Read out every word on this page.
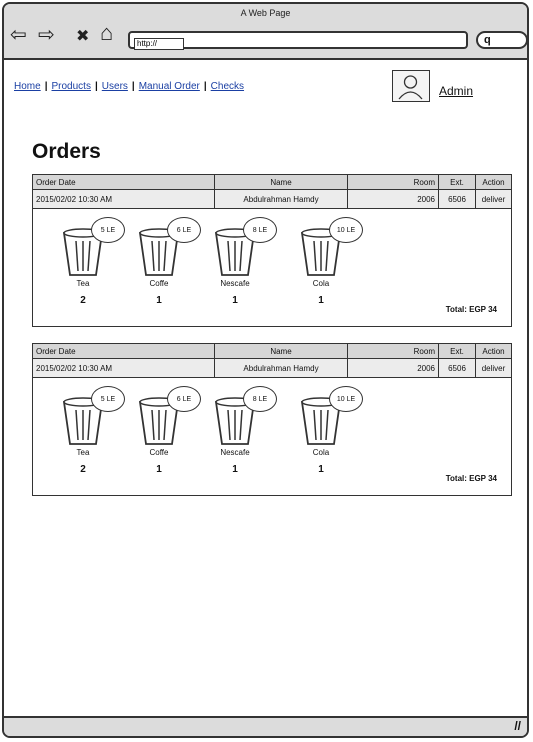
A Web Page
⇦ ⇨ ✖ ⌂
http://	q
Home | Products | Users | Manual Order | Checks	Admin
Orders
Order Date	Name	Room	Ext.	Action
2015/02/02 10:30 AM	Abdulrahman Hamdy	2006	6506	deliver
5 LE
Tea
2
6 LE
Coffe
1
8 LE
Nescafe
1
10 LE
Cola
1
Total: EGP 34
Order Date	Name	Room	Ext.	Action
2015/02/02 10:30 AM	Abdulrahman Hamdy	2006	6506	deliver
5 LE
Tea
2
6 LE
Coffe
1
8 LE
Nescafe
1
10 LE
Cola
1
Total: EGP 34
//
